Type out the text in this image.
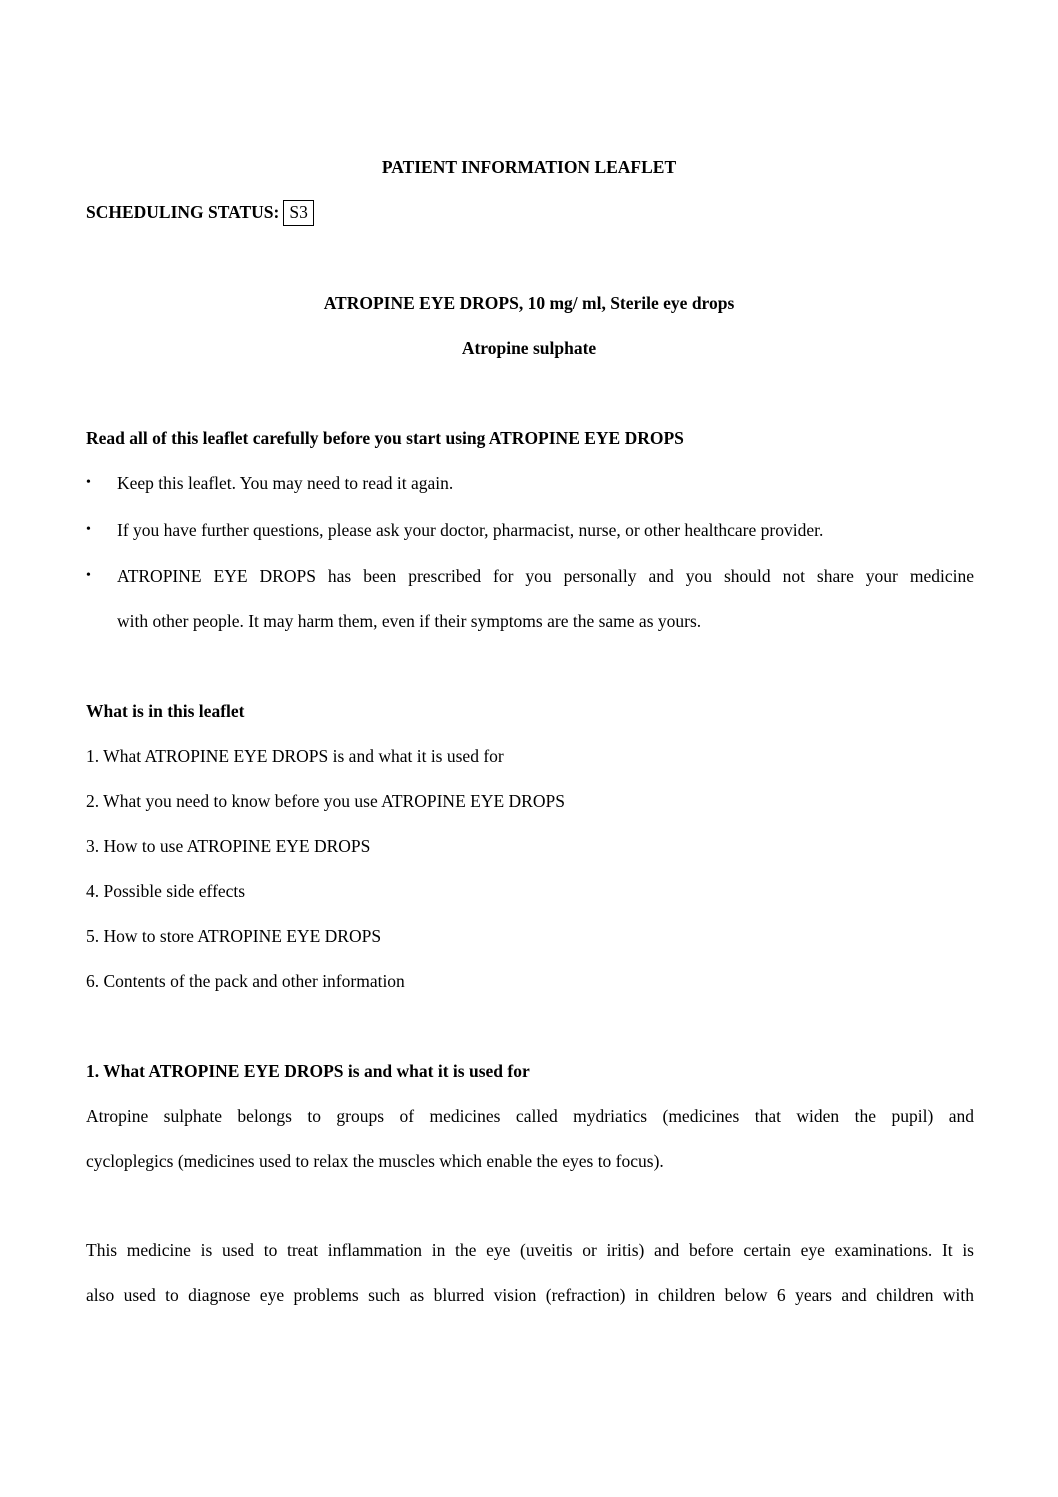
PATIENT INFORMATION LEAFLET
SCHEDULING STATUS: S3
ATROPINE EYE DROPS, 10 mg/ ml, Sterile eye drops
Atropine sulphate
Read all of this leaflet carefully before you start using ATROPINE EYE DROPS
• Keep this leaflet. You may need to read it again.
• If you have further questions, please ask your doctor, pharmacist, nurse, or other healthcare provider.
• ATROPINE EYE DROPS has been prescribed for you personally and you should not share your medicine
with other people. It may harm them, even if their symptoms are the same as yours.
What is in this leaflet
1. What ATROPINE EYE DROPS is and what it is used for
2. What you need to know before you use ATROPINE EYE DROPS
3. How to use ATROPINE EYE DROPS
4. Possible side effects
5. How to store ATROPINE EYE DROPS
6. Contents of the pack and other information
1. What ATROPINE EYE DROPS is and what it is used for
Atropine sulphate belongs to groups of medicines called mydriatics (medicines that widen the pupil) and
cycloplegics (medicines used to relax the muscles which enable the eyes to focus).
This medicine is used to treat inflammation in the eye (uveitis or iritis) and before certain eye examinations. It is
also used to diagnose eye problems such as blurred vision (refraction) in children below 6 years and children with
